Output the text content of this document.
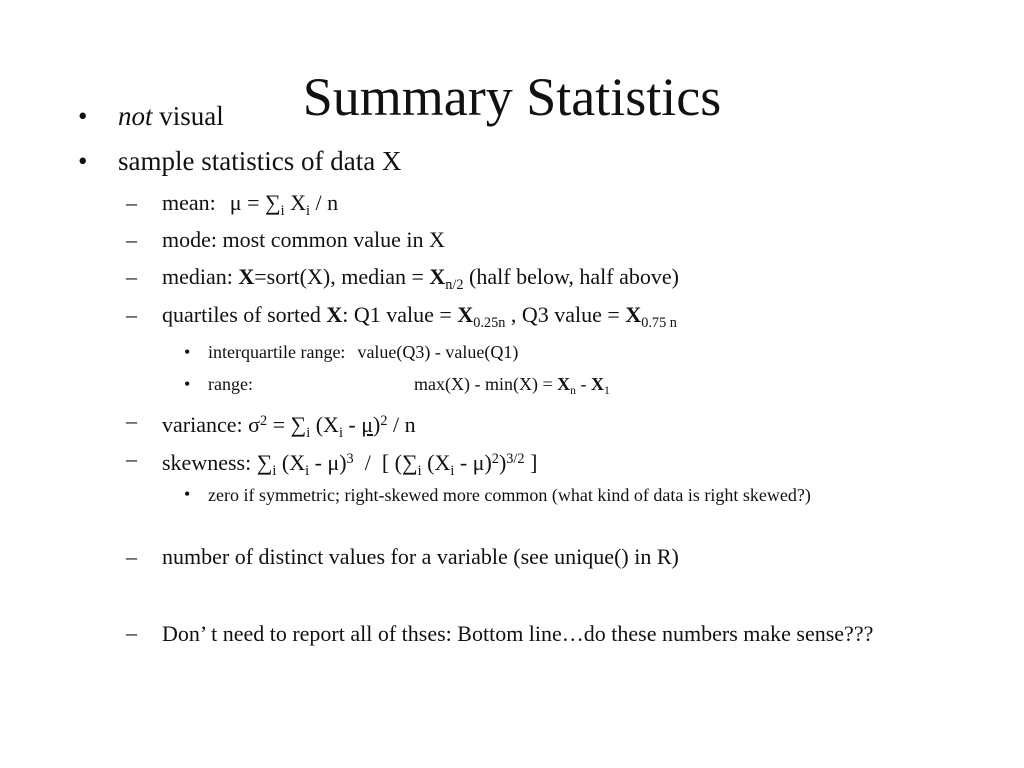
Summary Statistics
• not visual
• sample statistics of data X
– mean: $\mu = \sum_i$ $X_i$ / n
– mode: most common value in X
– median: X=sort(X), median = $X_{n/2}$ (half below, half above)
– quartiles of sorted X: Q1 value = $X_{0.25n}$ , Q3 value = $X_{0.75 n}$
• interquartile range: value(Q3) - value(Q1)
• range:	$\max(X) - \min(X) = X_n - X_1$
– variance: $\sigma^2 = \sum_i$ $(X_i - \mu)^2$ / n
– skewness: $\sum_i$ $(X_i - \mu)^3$  /  [ ($\sum_i$ $(X_i - \mu)^2)^{3/2}$ ]
• zero if symmetric; right-skewed more common (what kind of data is right skewed?)
– number of distinct values for a variable (see unique() in R)
– Don’ t need to report all of thses: Bottom line…do these numbers make sense???
